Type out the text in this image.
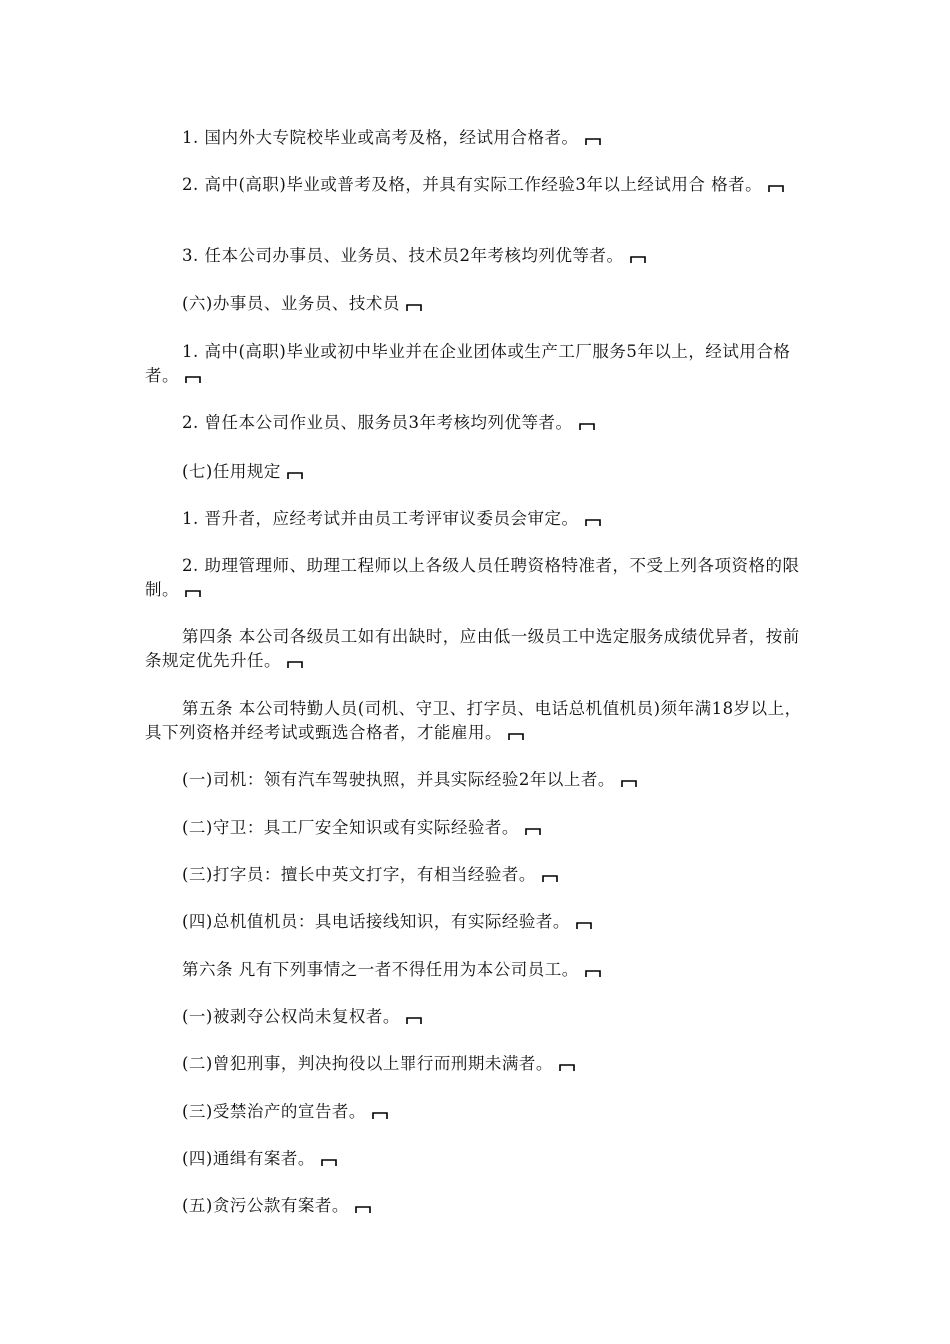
1. 国内外大专院校毕业或高考及格，经试用合格者。
2. 高中(高职)毕业或普考及格，并具有实际工作经验3年以上经试用合 格者。
3. 任本公司办事员、业务员、技术员2年考核均列优等者。
(六)办事员、业务员、技术员
1. 高中(高职)毕业或初中毕业并在企业团体或生产工厂服务5年以上，经试用合格者。
2. 曾任本公司作业员、服务员3年考核均列优等者。
(七)任用规定
1. 晋升者，应经考试并由员工考评审议委员会审定。
2. 助理管理师、助理工程师以上各级人员任聘资格特准者，不受上列各项资格的限制。
第四条 本公司各级员工如有出缺时，应由低一级员工中选定服务成绩优异者，按前条规定优先升任。
第五条 本公司特勤人员(司机、守卫、打字员、电话总机值机员)须年满18岁以上，具下列资格并经考试或甄选合格者，才能雇用。
(一)司机：领有汽车驾驶执照，并具实际经验2年以上者。
(二)守卫：具工厂安全知识或有实际经验者。
(三)打字员：擅长中英文打字，有相当经验者。
(四)总机值机员：具电话接线知识，有实际经验者。
第六条 凡有下列事情之一者不得任用为本公司员工。
(一)被剥夺公权尚未复权者。
(二)曾犯刑事，判决拘役以上罪行而刑期未满者。
(三)受禁治产的宣告者。
(四)通缉有案者。
(五)贪污公款有案者。
